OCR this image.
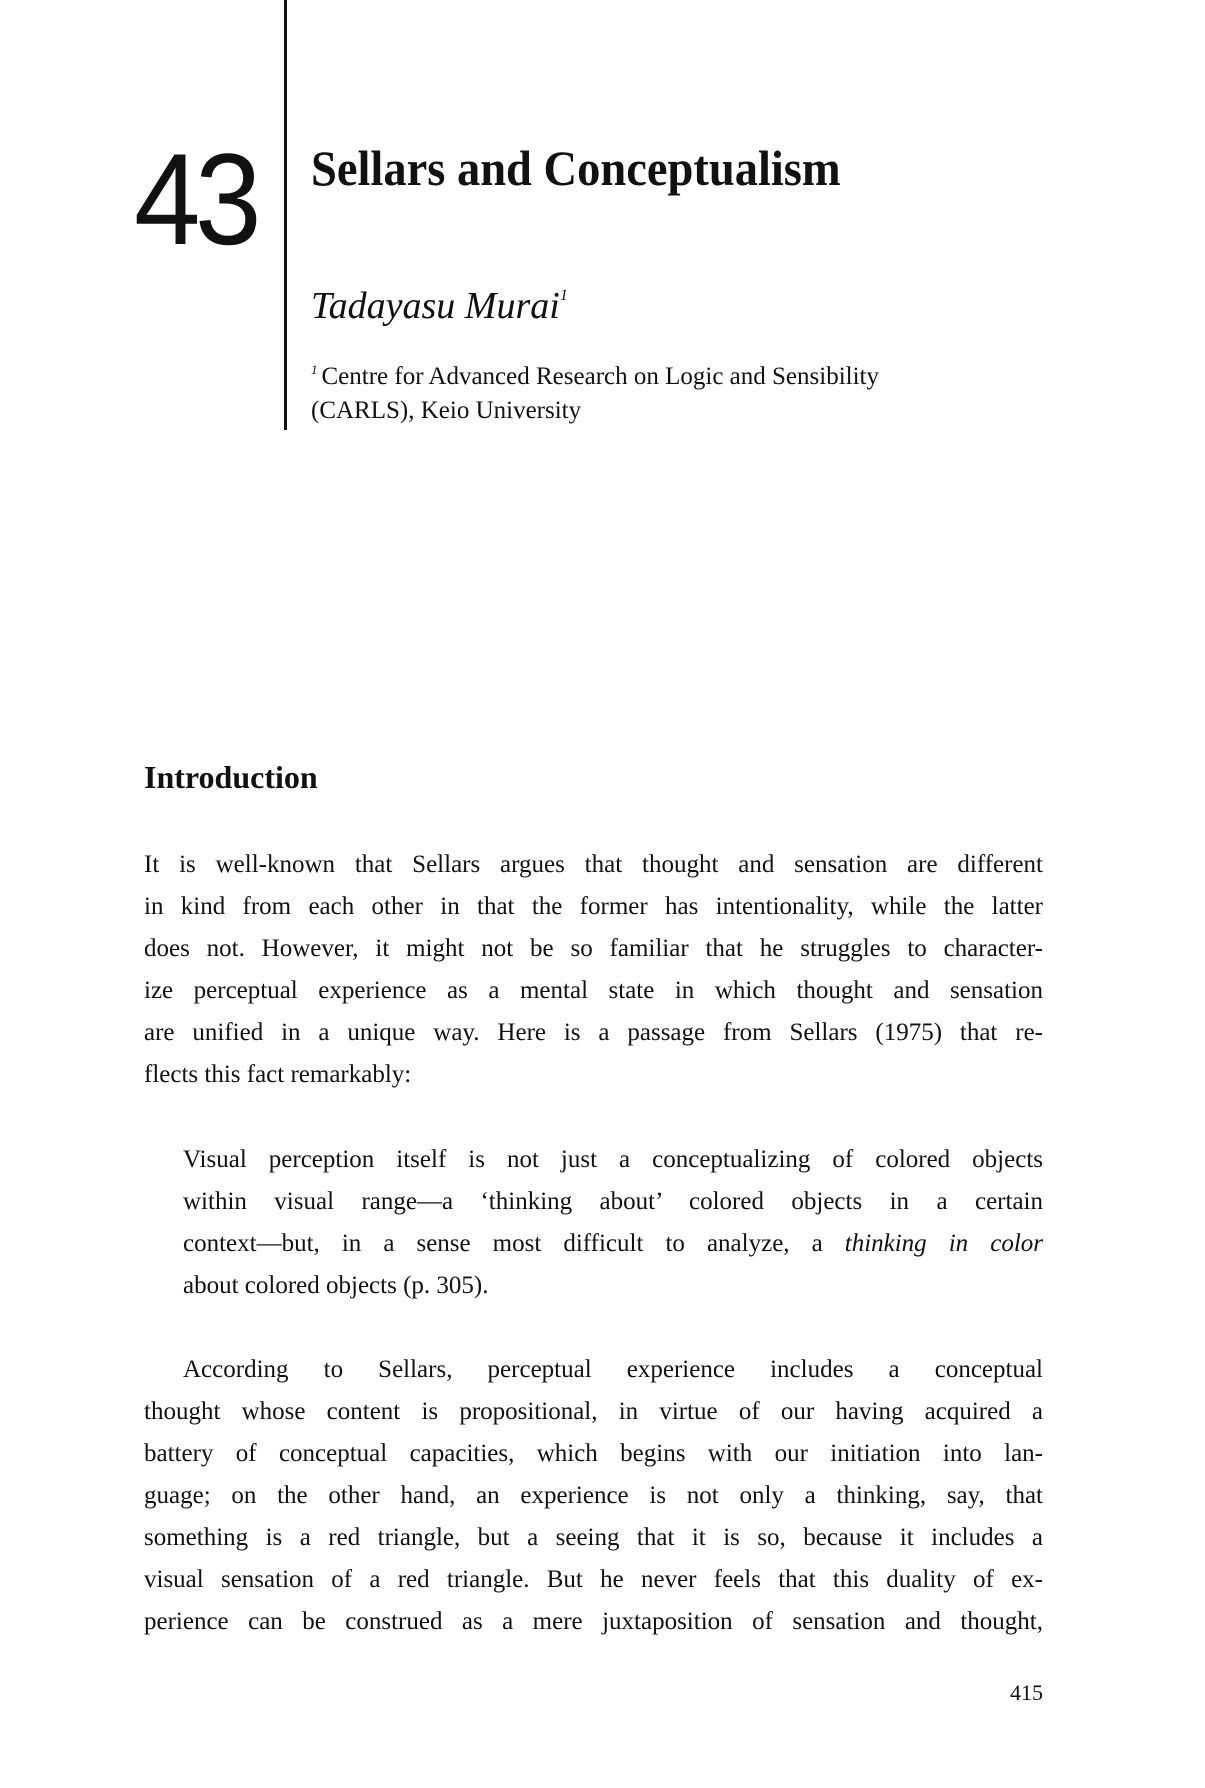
43 Sellars and Conceptualism
Tadayasu Murai$^1$
$^1$ Centre for Advanced Research on Logic and Sensibility
(CARLS), Keio University
Introduction
It is well-known that Sellars argues that thought and sensation are different
in kind from each other in that the former has intentionality, while the latter
does not. However, it might not be so familiar that he struggles to character-
ize perceptual experience as a mental state in which thought and sensation
are unified in a unique way. Here is a passage from Sellars (1975) that re-
flects this fact remarkably:
Visual perception itself is not just a conceptualizing of colored objects
within visual range—a ‘thinking about’ colored objects in a certain
context—but, in a sense most difficult to analyze, a thinking in color
about colored objects (p. 305).
According to Sellars, perceptual experience includes a conceptual
thought whose content is propositional, in virtue of our having acquired a
battery of conceptual capacities, which begins with our initiation into lan-
guage; on the other hand, an experience is not only a thinking, say, that
something is a red triangle, but a seeing that it is so, because it includes a
visual sensation of a red triangle. But he never feels that this duality of ex-
perience can be construed as a mere juxtaposition of sensation and thought,
415
